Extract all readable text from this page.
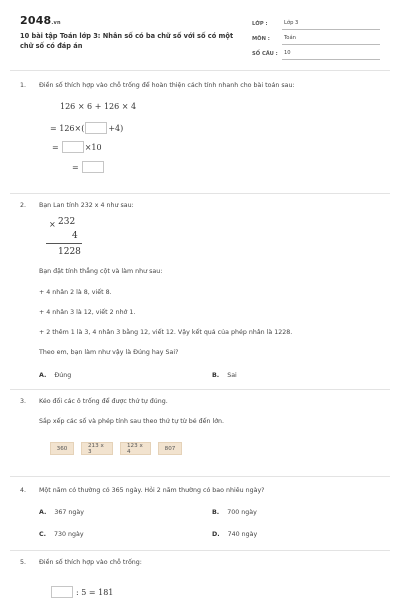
2048.vn
10 bài tập Toán lớp 3: Nhân số có ba chữ số với số có một chữ số có đáp án
LỚP :	Lớp 3
MÔN :	Toán
SỐ CÂU :	10
1. Điền số thích hợp vào chỗ trống để hoàn thiện cách tính nhanh cho bài toán sau:
126 × 6 + 126 × 4
= 126×(	+4)
=	×10
=
2. Bạn Lan tính 232 x 4 như sau:
× 232
4
1228
Bạn đặt tính thẳng cột và làm như sau:
+ 4 nhân 2 là 8, viết 8.
+ 4 nhân 3 là 12, viết 2 nhớ 1.
+ 2 thêm 1 là 3, 4 nhân 3 bằng 12, viết 12. Vậy kết quả của phép nhân là 1228.
Theo em, bạn làm như vậy là Đúng hay Sai?
A. Đúng	B. Sai
3. Kéo đối các ô trống để được thứ tự đúng.
Sắp xếp các số và phép tính sau theo thứ tự từ bé đến lớn.
360	213 x 3
123 x 4	807
4. Một năm có thường có 365 ngày. Hỏi 2 năm thường có bao nhiêu ngày?
A. 367 ngày	B. 700 ngày
C. 730 ngày	D. 740 ngày
5. Điền số thích hợp vào chỗ trống:
: 5 = 181
